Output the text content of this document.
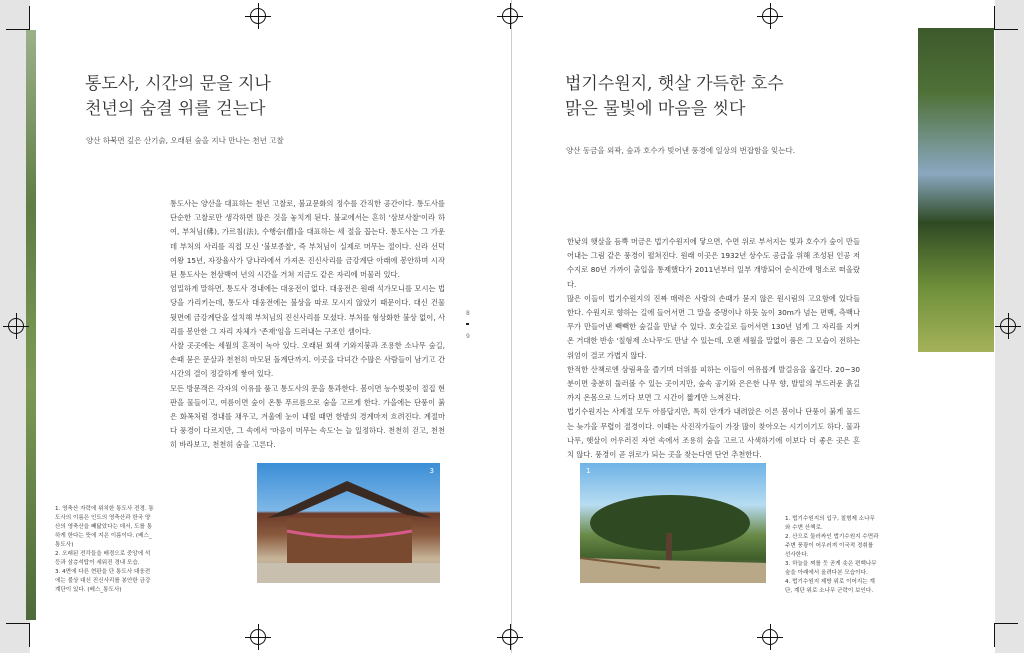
통도사, 시간의 문을 지나
천년의 숨결 위를 걷는다
양산 하북면 깊은 산기슭, 오래된 숲을 지나 만나는 천년 고찰

통도사는 양산을 대표하는 천년 고찰로, 불교문화의 정수를 간직한 공간이다. 통도사를 단순한 고찰로만 생각하면 많은 것을 놓치게 된다. 불교에서는 흔히 '삼보사찰'이라 하여, 부처님(佛), 가르침(法), 수행승(僧)을 대표하는 세 절을 꼽는다. 통도사는 그 가운데 부처의 사리를 직접 모신 '불보종찰', 즉 부처님이 실제로 머무는 절이다. 신라 선덕여왕 15년, 자장율사가 당나라에서 가져온 진신사리를 금강계단 아래에 봉안하며 시작된 통도사는 천삼백여 년의 시간을 거쳐 지금도 같은 자리에 머물러 있다.

엄밀하게 말하면, 통도사 경내에는 대웅전이 없다. 대웅전은 원래 석가모니를 모시는 법당을 가리키는데, 통도사 대웅전에는 불상을 따로 모시지 않았기 때문이다. 대신 건물 뒷면에 금강계단을 설치해 부처님의 진신사리를 모셨다. 부처를 형상화한 불상 없이, 사리를 봉안한 그 자리 자체가 '존재'임을 드러내는 구조인 셈이다.

사찰 곳곳에는 세월의 흔적이 녹아 있다. 오래된 회색 기와지붕과 조용한 소나무 숲길, 손때 묻은 문살과 천천히 마모된 돌계단까지. 이곳을 다녀간 수많은 사람들이 남기고 간 시간의 결이 정갈하게 쌓여 있다.

모든 방문객은 각자의 이유를 품고 통도사의 문을 통과한다. 봄이면 능수벚꽃이 절집 현판을 물들이고, 여름이면 숲이 온통 푸르름으로 숨을 고르게 한다. 가을에는 단풍이 붉은 화폭처럼 경내를 채우고, 겨울에 눈이 내릴 때면 한밤의 경계마저 흐려진다. 계절마다 풍경이 다르지만, 그 속에서 '마음이 머무는 속도'는 늘 일정하다. 천천히 걷고, 천천히 바라보고, 천천히 숨을 고른다.

3
1. 영축산 자락에 위치한 통도사 전경. 통도사의 이름은 인도의 영축산과 한국 양산의 영축산을 빼닮았다는 데서, 도를 통하게 한다는 뜻에 지은 이름이다. (베스_통도사)
2. 오래된 전각들을 배경으로 중앙에 석등과 삼층석탑이 세워진 경내 모습.
3. 4면에 다른 현판을 단 통도사 대웅전에는 불상 대신 진신사리를 봉안한 금강계단이 있다. (베스_통도사)
8
9
법기수원지, 햇살 가득한 호수
맑은 물빛에 마음을 씻다
양산 동금을 외곽, 숲과 호수가 빚어낸 풍경에 일상의 번잡함을 잊는다.

한낮의 햇살을 듬뿍 머금은 법기수원지에 닿으면, 수면 위로 부서지는 빛과 호수가 숲이 만들어내는 그림 같은 풍경이 펼쳐진다. 원래 이곳은 1932년 상수도 공급을 위해 조성된 인공 저수지로 80년 가까이 출입을 통제했다가 2011년부터 일부 개방되어 순식간에 명소로 떠올랐다.

많은 이들이 법기수원지의 진짜 매력은 사람의 손때가 묻지 않은 원시림의 고요함에 있다들 한다. 수원지로 향하는 길에 들어서면 그 말을 증명이나 하듯 높이 30m가 넘는 편백, 측백나무가 만들어낸 빽빽한 숲길을 만날 수 있다. 호숫길로 들어서면 130년 넘게 그 자리를 지켜온 거대한 반송 '칠형제 소나무'도 만날 수 있는데, 오랜 세월을 말없이 품은 그 모습이 전하는 위엄이 결코 가볍지 않다.

한적한 산책로엔 삼림욕을 즐기며 더위를 피하는 이들이 여유롭게 발걸음을 옮긴다. 20~30분이면 충분히 둘러볼 수 있는 곳이지만, 숲속 공기와 은은한 나무 향, 발밑의 부드러운 흙길까지 온몸으로 느끼다 보면 그 시간이 짧게만 느껴진다.

법기수원지는 사계절 모두 아름답지만, 특히 안개가 내려앉은 이른 봄이나 단풍이 붉게 물드는 늦가을 무렵이 절경이다. 이때는 사진작가들이 가장 많이 찾아오는 시기이기도 하다. 물과 나무, 햇살이 어우러진 자연 속에서 조용히 숨을 고르고 사색하기에 이보다 더 좋은 곳은 흔치 않다. 풍경이 곧 위로가 되는 곳을 찾는다면 단연 추천한다.

1
1. 법기수원지의 입구, 칠형제 소나무와 수변 산책로.
2. 산으로 둘러싸인 법기수원지 수면과 주변 풍광이 어우러져 이국적 정취를 선사한다.
3. 하늘을 찌를 듯 곧게 솟은 편백나무 숲을 아래에서 올려다본 모습이다.
4. 법기수원지 제방 위로 이어지는 계단, 계단 위로 소나무 군락이 보인다.
